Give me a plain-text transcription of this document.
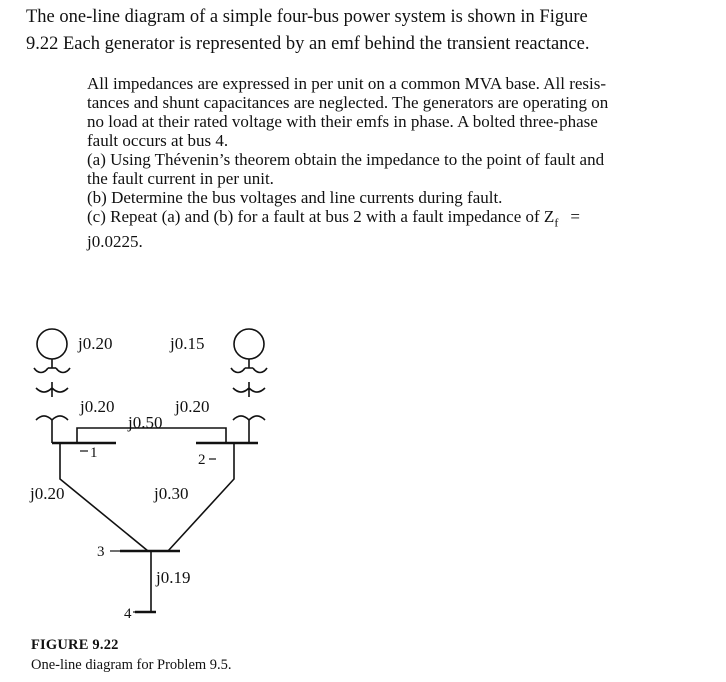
The one-line diagram of a simple four-bus power system is shown in Figure
9.22 Each generator is represented by an emf behind the transient reactance.
All impedances are expressed in per unit on a common MVA base. All resis-
tances and shunt capacitances are neglected. The generators are operating on
no load at their rated voltage with their emfs in phase. A bolted three-phase
fault occurs at bus 4.
(a) Using Thévenin’s theorem obtain the impedance to the point of fault and
the fault current in per unit.
(b) Determine the bus voltages and line currents during fault.
(c) Repeat (a) and (b) for a fault at bus 2 with a fault impedance of $Z_f$ =
j0.0225.
j0.20	j0.15
j0.20	j0.20
j0.50
j0.20	j0.30
j0.19
1	2
3
4
FIGURE 9.22
One-line diagram for Problem 9.5.
